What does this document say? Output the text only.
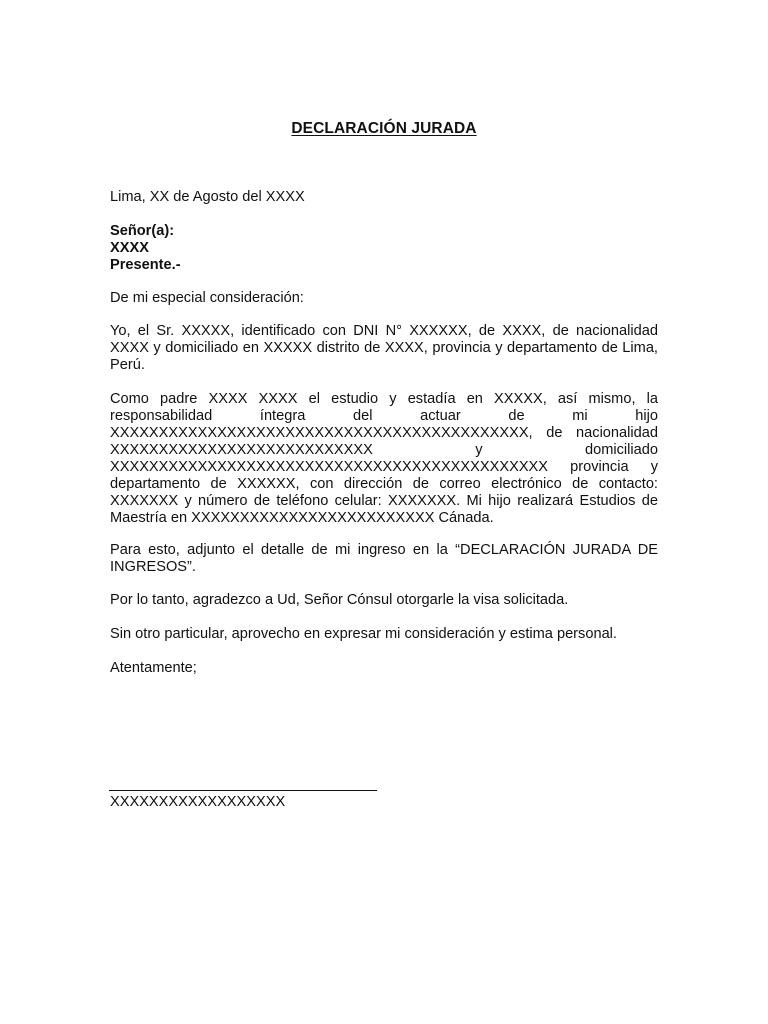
DECLARACIÓN JURADA
Lima, XX de Agosto del XXXX
Señor(a):
XXXX
Presente.-
De mi especial consideración:
Yo, el Sr. XXXXX, identificado con DNI N° XXXXXX, de XXXX, de nacionalidad XXXX y domiciliado en XXXXX distrito de XXXX, provincia y departamento de Lima, Perú.
Como padre XXXX XXXX el estudio y estadía en XXXXX, así mismo, la responsabilidad íntegra del actuar de mi hijo XXXXXXXXXXXXXXXXXXXXXXXXXXXXXXXXXXXXXXXXXXX, de nacionalidad XXXXXXXXXXXXXXXXXXXXXXXXXXX y domiciliado XXXXXXXXXXXXXXXXXXXXXXXXXXXXXXXXXXXXXXXXXXXXX provincia y departamento de XXXXXX, con dirección de correo electrónico de contacto: XXXXXXX y número de teléfono celular: XXXXXXX. Mi hijo realizará Estudios de Maestría en XXXXXXXXXXXXXXXXXXXXXXXXX Cánada.
Para esto, adjunto el detalle de mi ingreso en la “DECLARACIÓN JURADA DE INGRESOS”.
Por lo tanto, agradezco a Ud, Señor Cónsul otorgarle la visa solicitada.
Sin otro particular, aprovecho en expresar mi consideración y estima personal.
Atentamente;
XXXXXXXXXXXXXXXXXX
